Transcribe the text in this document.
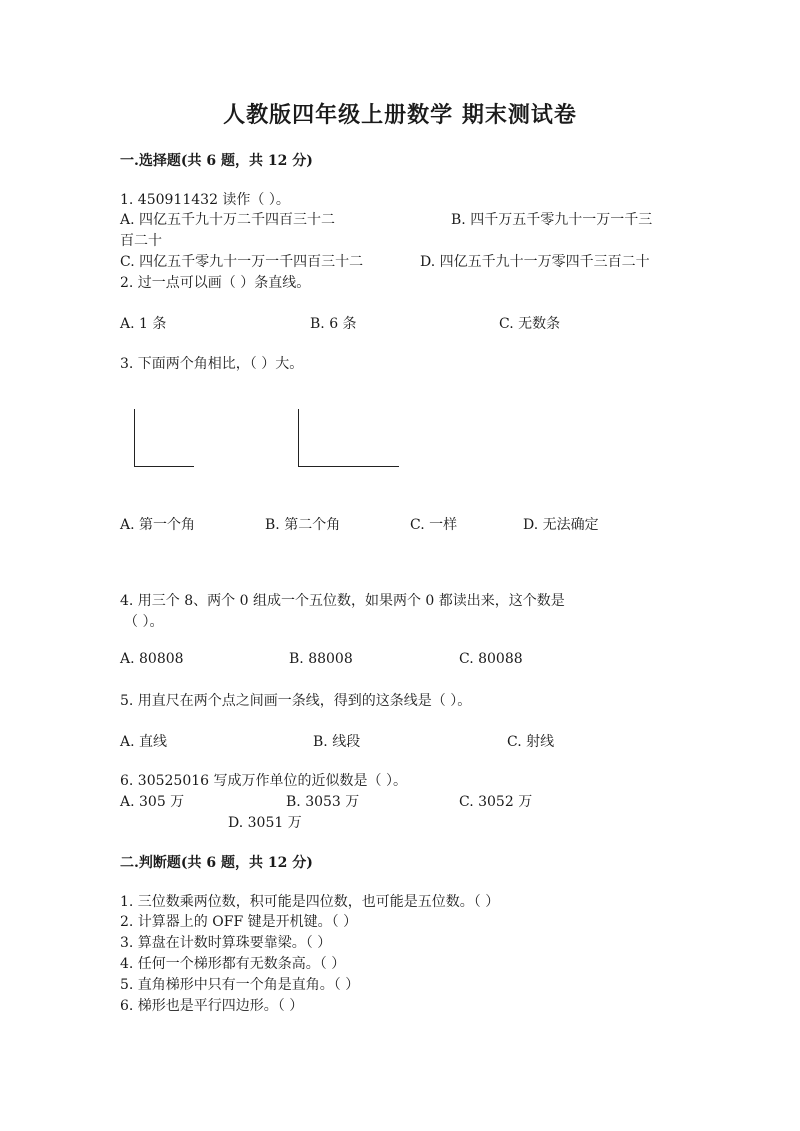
人教版四年级上册数学 期末测试卷
一.选择题(共 6 题，共 12 分)
1. 450911432 读作（ ）。
A. 四亿五千九十万二千四百三十二	B. 四千万五千零九十一万一千三
百二十
C. 四亿五千零九十一万一千四百三十二	D. 四亿五千九十一万零四千三百二十
2. 过一点可以画（ ）条直线。
A. 1 条	B. 6 条	C. 无数条
3. 下面两个角相比，（ ）大。
A. 第一个角	B. 第二个角	C. 一样	D. 无法确定
4. 用三个 8、两个 0 组成一个五位数，如果两个 0 都读出来，这个数是
（ ）。
A. 80808	B. 88008	C. 80088
5. 用直尺在两个点之间画一条线，得到的这条线是（ ）。
A. 直线	B. 线段	C. 射线
6. 30525016 写成万作单位的近似数是（ ）。
A. 305 万	B. 3053 万	C. 3052 万
D. 3051 万
二.判断题(共 6 题，共 12 分)
1. 三位数乘两位数，积可能是四位数，也可能是五位数。（ ）
2. 计算器上的 OFF 键是开机键。（ ）
3. 算盘在计数时算珠要靠梁。（ ）
4. 任何一个梯形都有无数条高。（ ）
5. 直角梯形中只有一个角是直角。（ ）
6. 梯形也是平行四边形。（ ）
